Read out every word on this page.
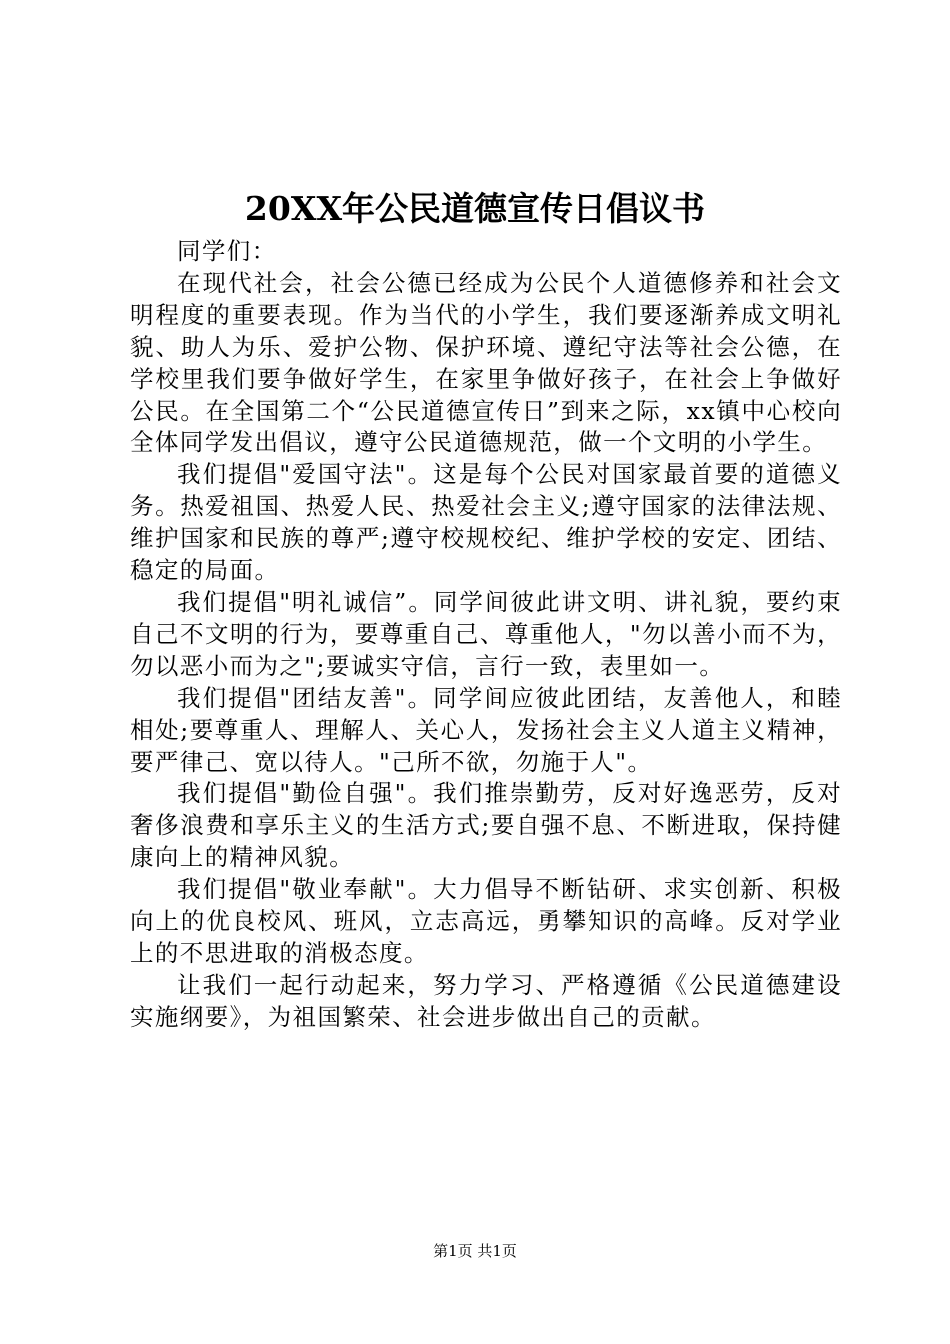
20XX年公民道德宣传日倡议书

同学们：

在现代社会，社会公德已经成为公民个人道德修养和社会文明程度的重要表现。作为当代的小学生，我们要逐渐养成文明礼貌、助人为乐、爱护公物、保护环境、遵纪守法等社会公德，在学校里我们要争做好学生，在家里争做好孩子，在社会上争做好公民。在全国第二个“公民道德宣传日”到来之际，xx镇中心校向全体同学发出倡议，遵守公民道德规范，做一个文明的小学生。

我们提倡"爱国守法"。这是每个公民对国家最首要的道德义务。热爱祖国、热爱人民、热爱社会主义;遵守国家的法律法规、维护国家和民族的尊严;遵守校规校纪、维护学校的安定、团结、稳定的局面。

我们提倡"明礼诚信”。同学间彼此讲文明、讲礼貌，要约束自己不文明的行为，要尊重自己、尊重他人，"勿以善小而不为，勿以恶小而为之";要诚实守信，言行一致，表里如一。

我们提倡"团结友善"。同学间应彼此团结，友善他人，和睦相处;要尊重人、理解人、关心人，发扬社会主义人道主义精神，要严律己、宽以待人。"己所不欲，勿施于人"。

我们提倡"勤俭自强"。我们推崇勤劳，反对好逸恶劳，反对奢侈浪费和享乐主义的生活方式;要自强不息、不断进取，保持健康向上的精神风貌。

我们提倡"敬业奉献"。大力倡导不断钻研、求实创新、积极向上的优良校风、班风，立志高远，勇攀知识的高峰。反对学业上的不思进取的消极态度。

让我们一起行动起来，努力学习、严格遵循《公民道德建设实施纲要》，为祖国繁荣、社会进步做出自己的贡献。

第1页 共1页
